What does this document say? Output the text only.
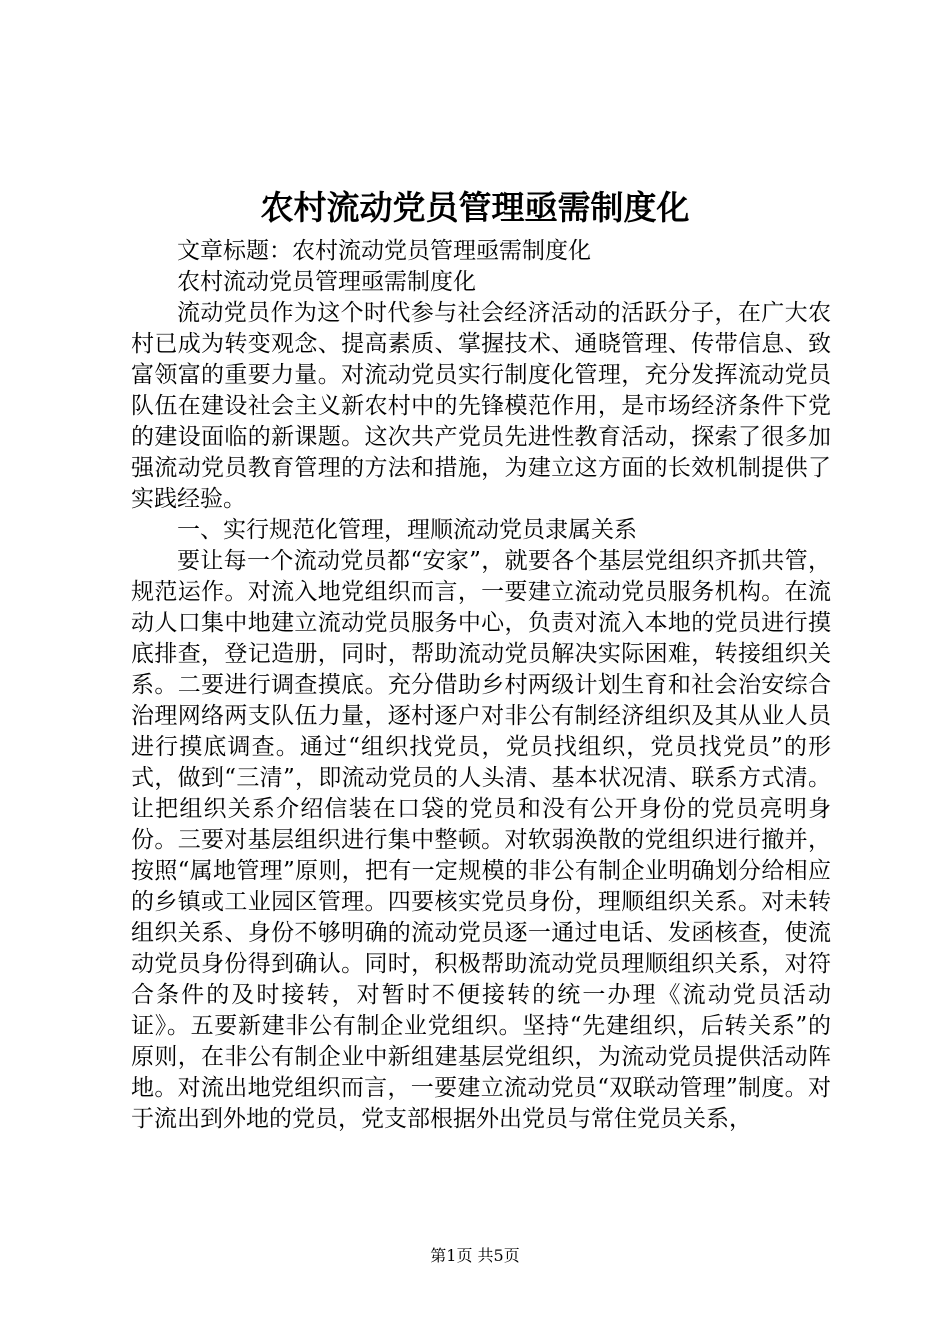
农村流动党员管理亟需制度化

文章标题：农村流动党员管理亟需制度化

农村流动党员管理亟需制度化

流动党员作为这个时代参与社会经济活动的活跃分子，在广大农村已成为转变观念、提高素质、掌握技术、通晓管理、传带信息、致富领富的重要力量。对流动党员实行制度化管理，充分发挥流动党员队伍在建设社会主义新农村中的先锋模范作用，是市场经济条件下党的建设面临的新课题。这次共产党员先进性教育活动，探索了很多加强流动党员教育管理的方法和措施，为建立这方面的长效机制提供了实践经验。

一、实行规范化管理，理顺流动党员隶属关系

要让每一个流动党员都“安家”，就要各个基层党组织齐抓共管，规范运作。对流入地党组织而言，一要建立流动党员服务机构。在流动人口集中地建立流动党员服务中心，负责对流入本地的党员进行摸底排查，登记造册，同时，帮助流动党员解决实际困难，转接组织关系。二要进行调查摸底。充分借助乡村两级计划生育和社会治安综合治理网络两支队伍力量，逐村逐户对非公有制经济组织及其从业人员进行摸底调查。通过“组织找党员，党员找组织，党员找党员”的形式，做到“三清”，即流动党员的人头清、基本状况清、联系方式清。让把组织关系介绍信装在口袋的党员和没有公开身份的党员亮明身份。三要对基层组织进行集中整顿。对软弱涣散的党组织进行撤并，按照“属地管理”原则，把有一定规模的非公有制企业明确划分给相应的乡镇或工业园区管理。四要核实党员身份，理顺组织关系。对未转组织关系、身份不够明确的流动党员逐一通过电话、发函核查，使流动党员身份得到确认。同时，积极帮助流动党员理顺组织关系，对符合条件的及时接转，对暂时不便接转的统一办理《流动党员活动证》。五要新建非公有制企业党组织。坚持“先建组织，后转关系”的原则，在非公有制企业中新组建基层党组织，为流动党员提供活动阵地。对流出地党组织而言，一要建立流动党员“双联动管理”制度。对于流出到外地的党员，党支部根据外出党员与常住党员关系，

第1页 共5页
